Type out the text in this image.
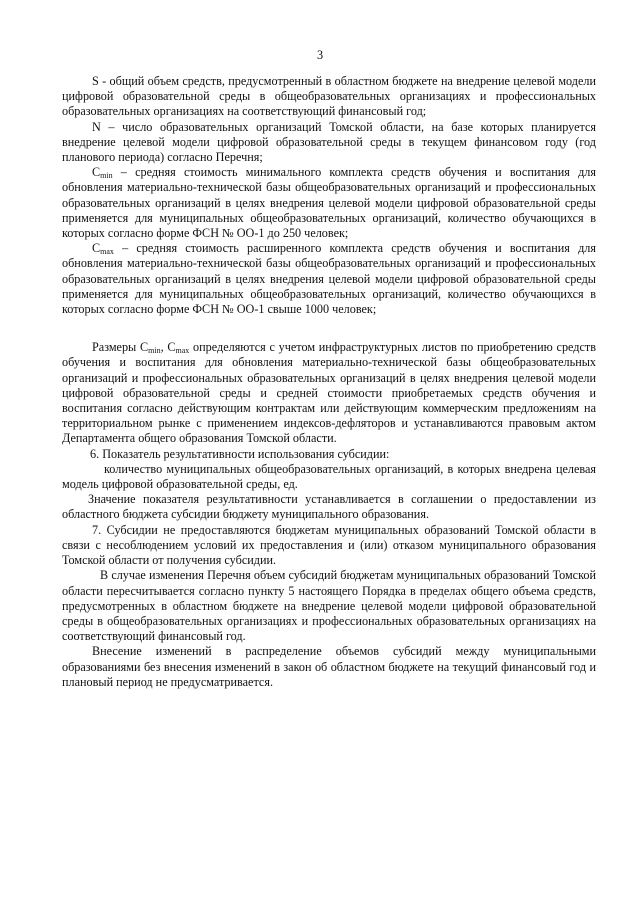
3

S - общий объем средств, предусмотренный в областном бюджете на внедрение целевой модели цифровой образовательной среды в общеобразовательных организациях и профессиональных образовательных организациях на соответствующий финансовый год;

N – число образовательных организаций Томской области, на базе которых планируется внедрение целевой модели цифровой образовательной среды в текущем финансовом году (год планового периода) согласно Перечня;

$C_{min}$ – средняя стоимость минимального комплекта средств обучения и воспитания для обновления материально-технической базы общеобразовательных организаций и профессиональных образовательных организаций в целях внедрения целевой модели цифровой образовательной среды применяется для муниципальных общеобразовательных организаций, количество обучающихся в которых согласно форме ФСН № ОО-1 до 250 человек;

$C_{max}$ – средняя стоимость расширенного комплекта средств обучения и воспитания для обновления материально-технической базы общеобразовательных организаций и профессиональных образовательных организаций в целях внедрения целевой модели цифровой образовательной среды применяется для муниципальных общеобразовательных организаций, количество обучающихся в которых согласно форме ФСН № ОО-1 свыше 1000 человек;

Размеры $C_{min}$, $C_{max}$ определяются с учетом инфраструктурных листов по приобретению средств обучения и воспитания для обновления материально-технической базы общеобразовательных организаций и профессиональных образовательных организаций в целях внедрения целевой модели цифровой образовательной среды и средней стоимости приобретаемых средств обучения и воспитания согласно действующим контрактам или действующим коммерческим предложениям на территориальном рынке с применением индексов-дефляторов и устанавливаются правовым актом Департамента общего образования Томской области.

6. Показатель результативности использования субсидии:

количество муниципальных общеобразовательных организаций, в которых внедрена целевая модель цифровой образовательной среды, ед.

Значение показателя результативности устанавливается в соглашении о предоставлении из областного бюджета субсидии бюджету муниципального образования.

7. Субсидии не предоставляются бюджетам муниципальных образований Томской области в связи с несоблюдением условий их предоставления и (или) отказом муниципального образования Томской области от получения субсидии.

В случае изменения Перечня объем субсидий бюджетам муниципальных образований Томской области пересчитывается согласно пункту 5 настоящего Порядка в пределах общего объема средств, предусмотренных в областном бюджете на внедрение целевой модели цифровой образовательной среды в общеобразовательных организациях и профессиональных образовательных организациях на соответствующий финансовый год.

Внесение изменений в распределение объемов субсидий между муниципальными образованиями без внесения изменений в закон об областном бюджете на текущий финансовый год и плановый период не предусматривается.
